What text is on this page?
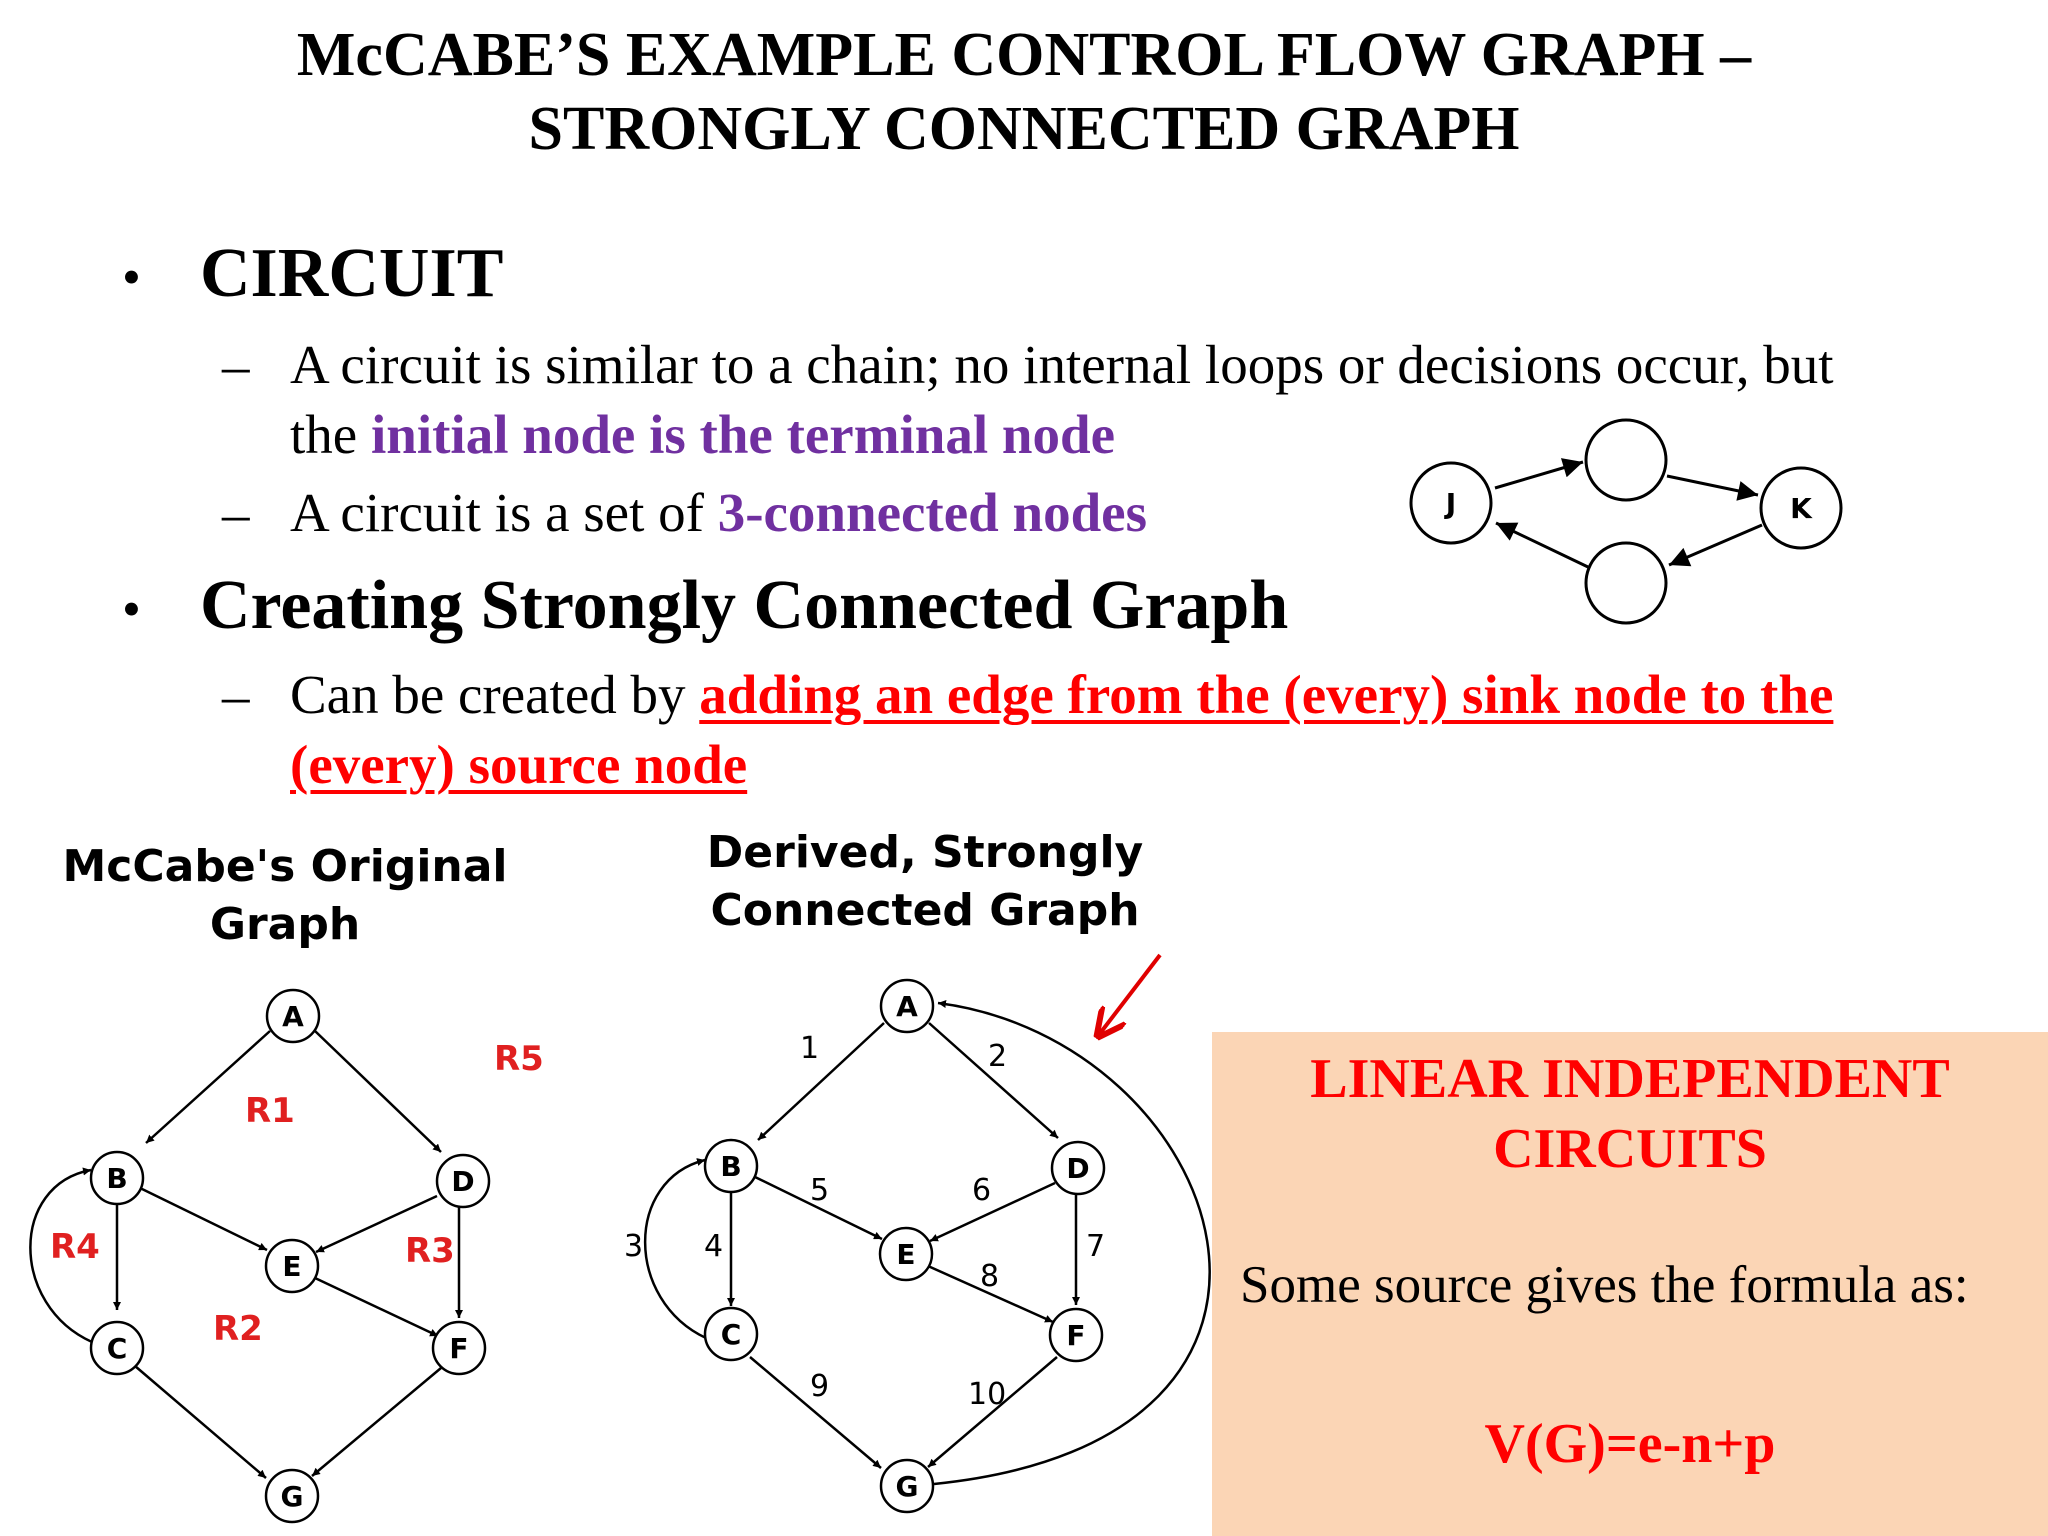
McCABE’S EXAMPLE CONTROL FLOW GRAPH –
STRONGLY CONNECTED GRAPH
• CIRCUIT
– A circuit is similar to a chain; no internal loops or decisions occur, but
the initial node is the terminal node
– A circuit is a set of 3-connected nodes
• Creating Strongly Connected Graph
– Can be created by adding an edge from the (every) sink node to the
(every) source node
McCabe's Original
Graph
Derived, Strongly
Connected Graph
LINEAR INDEPENDENT
CIRCUITS
Some source gives the formula as:
V(G)=e-n+p
J	K
A
B	D
E
C	F
G
R1
R2
R3
R4
R5
A
B	D
E
C	F
G
1	2
3 4
5	6
7
8
9	10
